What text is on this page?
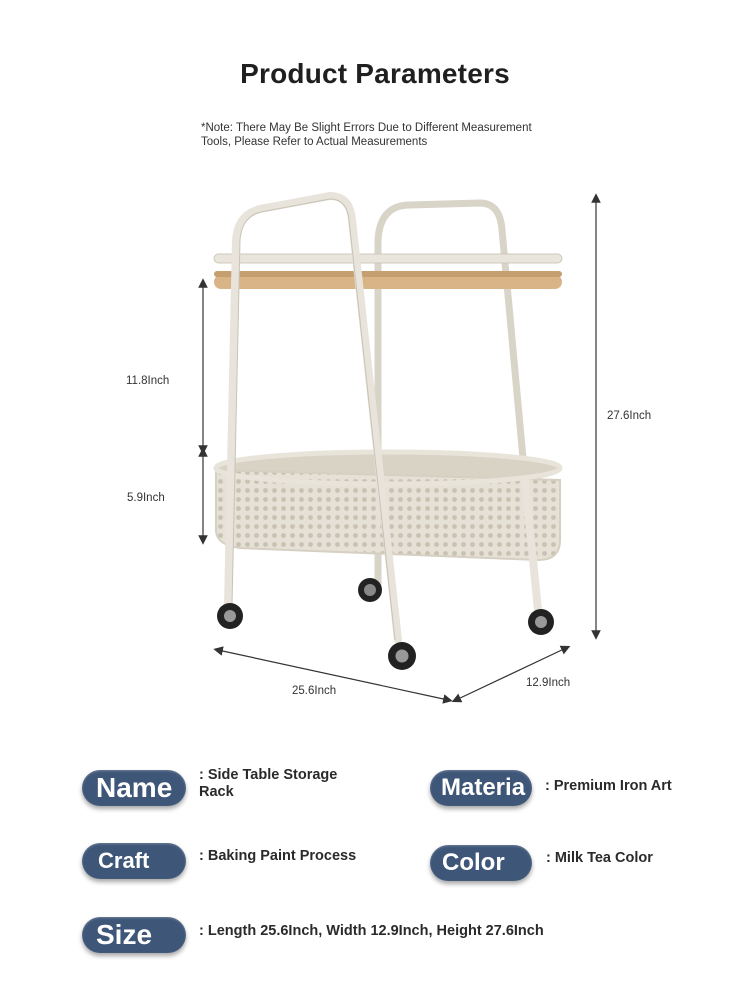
Product Parameters
*Note: There May Be Slight Errors Due to Different Measurement Tools, Please Refer to Actual Measurements
11.8Inch
5.9Inch
27.6Inch
25.6Inch
12.9Inch
Name	: Side Table Storage Rack	Materia	: Premium Iron Art
Craft	: Baking Paint Process	Color	: Milk Tea Color
Size	: Length 25.6Inch, Width 12.9Inch, Height 27.6Inch
